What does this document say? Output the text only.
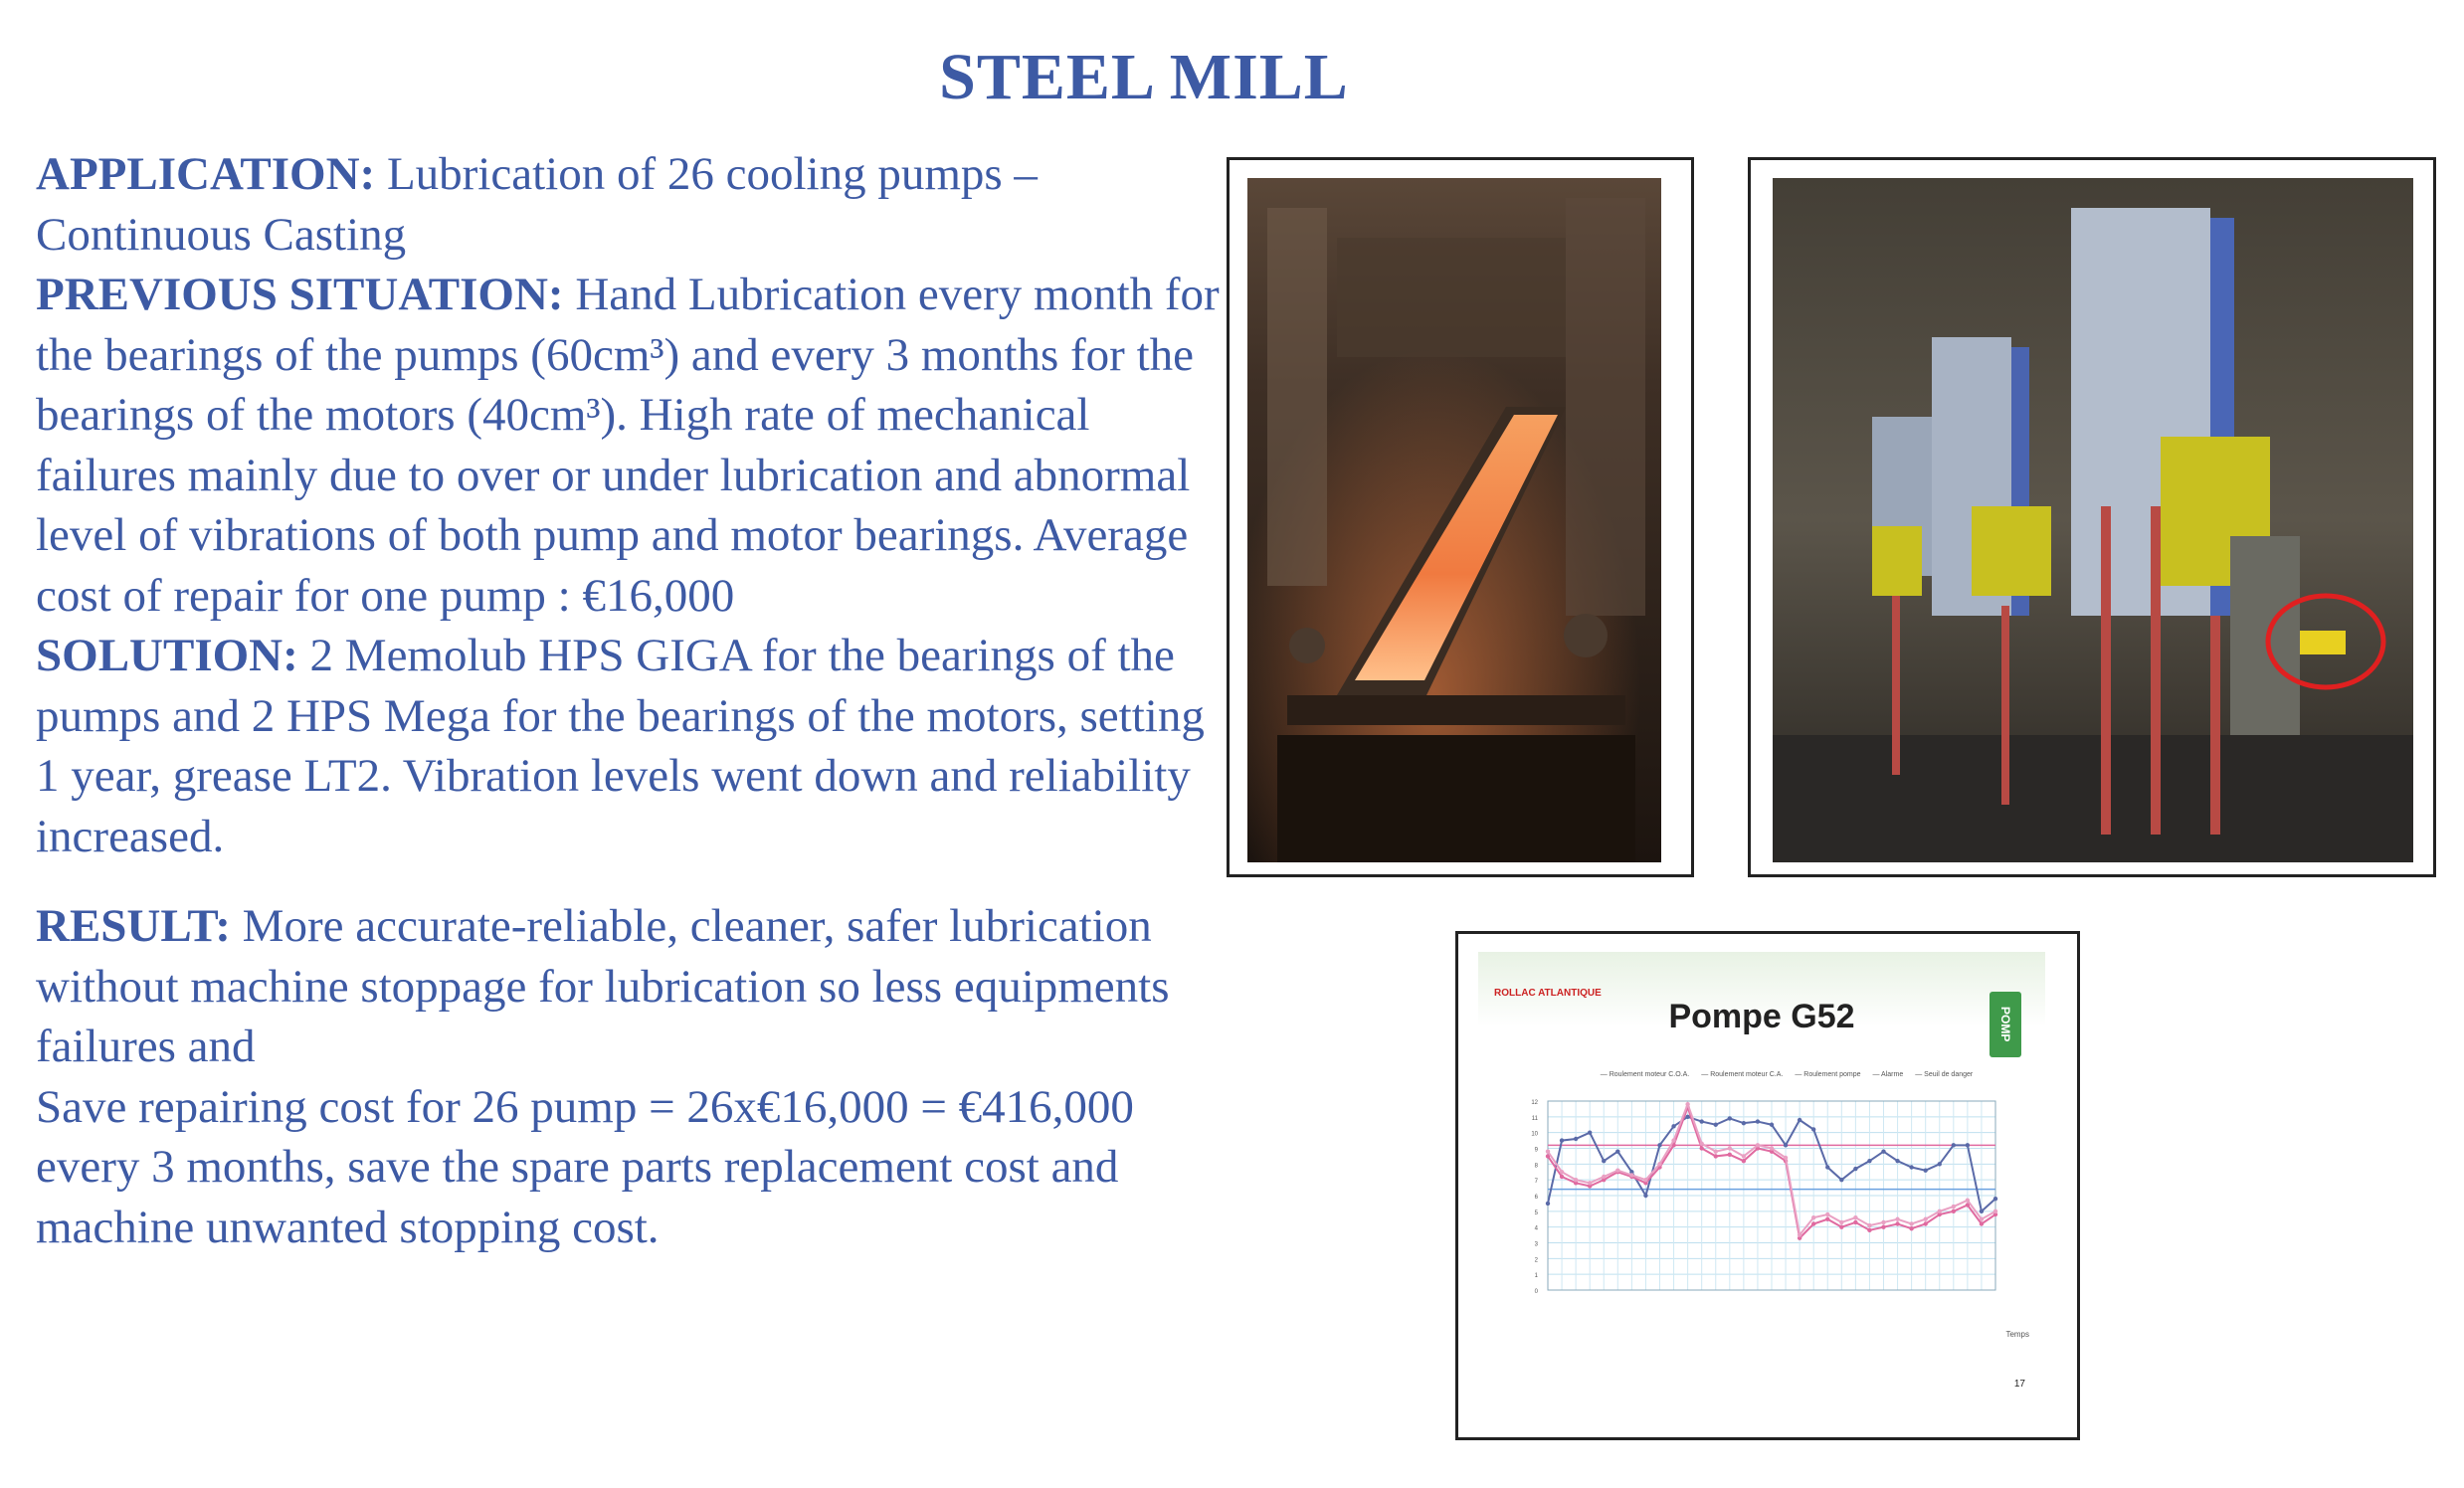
STEEL MILL

APPLICATION: Lubrication of 26 cooling pumps – Continuous Casting

PREVIOUS SITUATION: Hand Lubrication every month for the bearings of the pumps (60cm³) and every 3 months for the bearings of the motors (40cm³). High rate of mechanical failures mainly due to over or under lubrication and abnormal level of vibrations of both pump and motor bearings. Average cost of repair for one pump : €16,000

SOLUTION: 2 Memolub HPS GIGA for the bearings of the pumps and 2 HPS Mega for the bearings of the motors, setting 1 year, grease LT2. Vibration levels went down and reliability increased.

RESULT: More accurate-reliable, cleaner, safer lubrication without machine stoppage for lubrication so less equipments failures and
Save repairing cost for 26 pump = 26x€16,000 = €416,000 every 3 months, save the spare parts replacement cost and machine unwanted stopping cost.

ROLLAC ATLANTIQUE
Pompe G52	POMP
— Roulement moteur C.O.A. — Roulement moteur C.A. — Roulement pompe — Alarme — Seuil de danger
0
1
2
3
4
5
6
7
8
9
10
11
12
Temps
17
